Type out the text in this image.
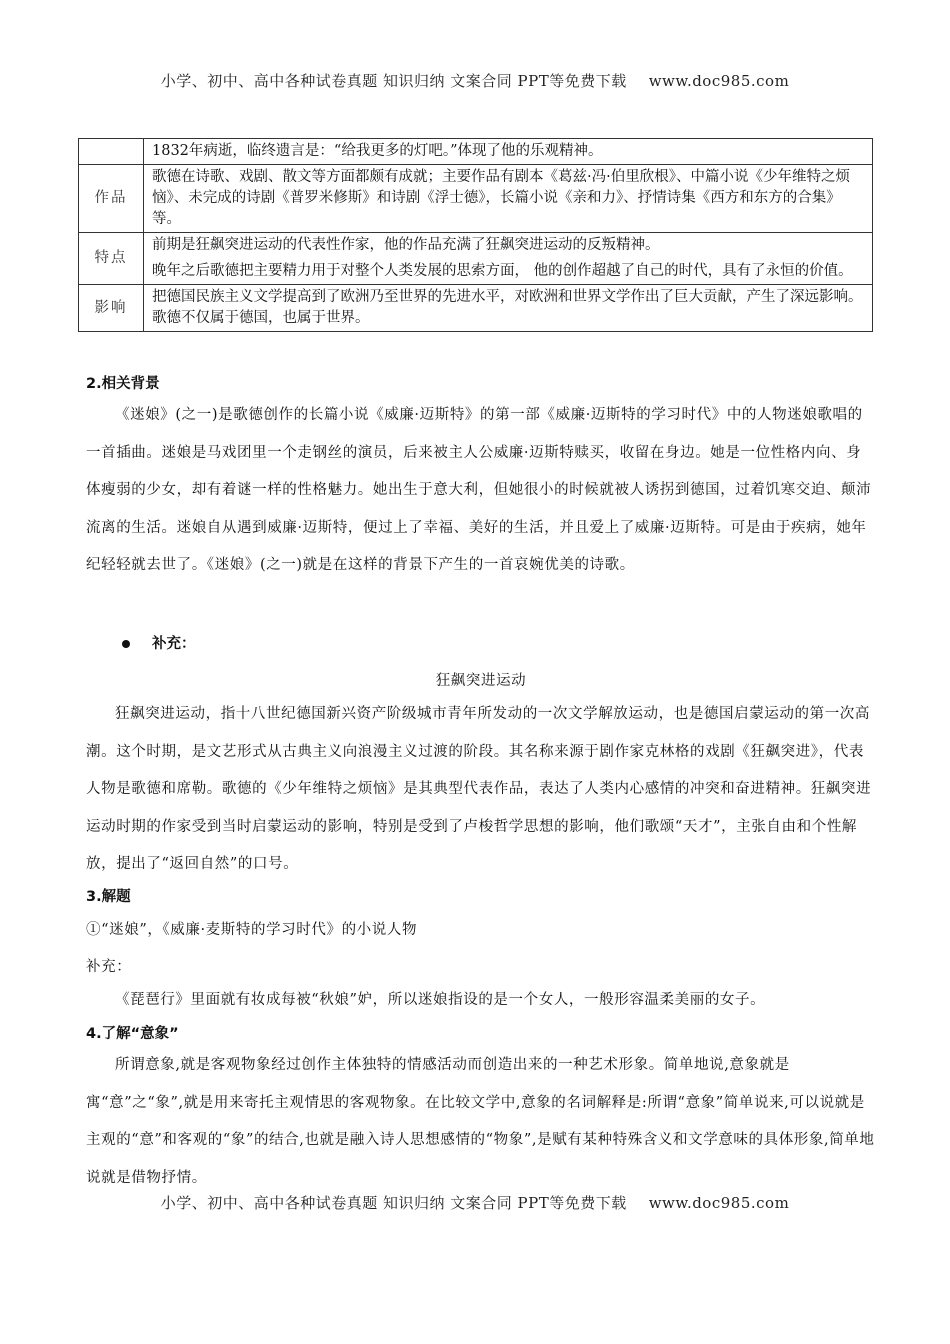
小学、初中、高中各种试卷真题 知识归纳 文案合同 PPT等免费下载 www.doc985.com

	1832年病逝，临终遗言是：“给我更多的灯吧。”体现了他的乐观精神。

作品	歌德在诗歌、戏剧、散文等方面都颇有成就；主要作品有剧本《葛兹·冯·伯里欣根》、中篇小说《少年维特之烦恼》、未完成的诗剧《普罗米修斯》和诗剧《浮士德》，长篇小说《亲和力》、抒情诗集《西方和东方的合集》等。

特点	前期是狂飙突进运动的代表性作家，他的作品充满了狂飙突进运动的反叛精神。

晚年之后歌德把主要精力用于对整个人类发展的思索方面， 他的创作超越了自己的时代，具有了永恒的价值。

影响	把德国民族主义文学提高到了欧洲乃至世界的先进水平，对欧洲和世界文学作出了巨大贡献，产生了深远影响。歌德不仅属于德国，也属于世界。

2.相关背景

《迷娘》(之一)是歌德创作的长篇小说《威廉·迈斯特》的第一部《威廉·迈斯特的学习时代》中的人物迷娘歌唱的一首插曲。迷娘是马戏团里一个走钢丝的演员，后来被主人公威廉·迈斯特赎买，收留在身边。她是一位性格内向、身体瘦弱的少女，却有着谜一样的性格魅力。她出生于意大利，但她很小的时候就被人诱拐到德国，过着饥寒交迫、颠沛流离的生活。迷娘自从遇到威廉·迈斯特，便过上了幸福、美好的生活，并且爱上了威廉·迈斯特。可是由于疾病，她年纪轻轻就去世了。《迷娘》(之一)就是在这样的背景下产生的一首哀婉优美的诗歌。

补充：

狂飙突进运动

狂飙突进运动，指十八世纪德国新兴资产阶级城市青年所发动的一次文学解放运动，也是德国启蒙运动的第一次高潮。这个时期，是文艺形式从古典主义向浪漫主义过渡的阶段。其名称来源于剧作家克林格的戏剧《狂飙突进》，代表人物是歌德和席勒。歌德的《少年维特之烦恼》是其典型代表作品，表达了人类内心感情的冲突和奋进精神。狂飙突进运动时期的作家受到当时启蒙运动的影响，特别是受到了卢梭哲学思想的影响，他们歌颂“天才”，主张自由和个性解放，提出了“返回自然”的口号。

3.解题

①“迷娘”，《威廉·麦斯特的学习时代》的小说人物

补充：

《琵琶行》里面就有妆成每被“秋娘”妒，所以迷娘指设的是一个女人，一般形容温柔美丽的女子。

4.了解“意象”

所谓意象,就是客观物象经过创作主体独特的情感活动而创造出来的一种艺术形象。简单地说,意象就是寓“意”之“象”,就是用来寄托主观情思的客观物象。在比较文学中,意象的名词解释是:所谓“意象”简单说来,可以说就是主观的“意”和客观的“象”的结合,也就是融入诗人思想感情的“物象”,是赋有某种特殊含义和文学意味的具体形象,简单地说就是借物抒情。

小学、初中、高中各种试卷真题 知识归纳 文案合同 PPT等免费下载 www.doc985.com
